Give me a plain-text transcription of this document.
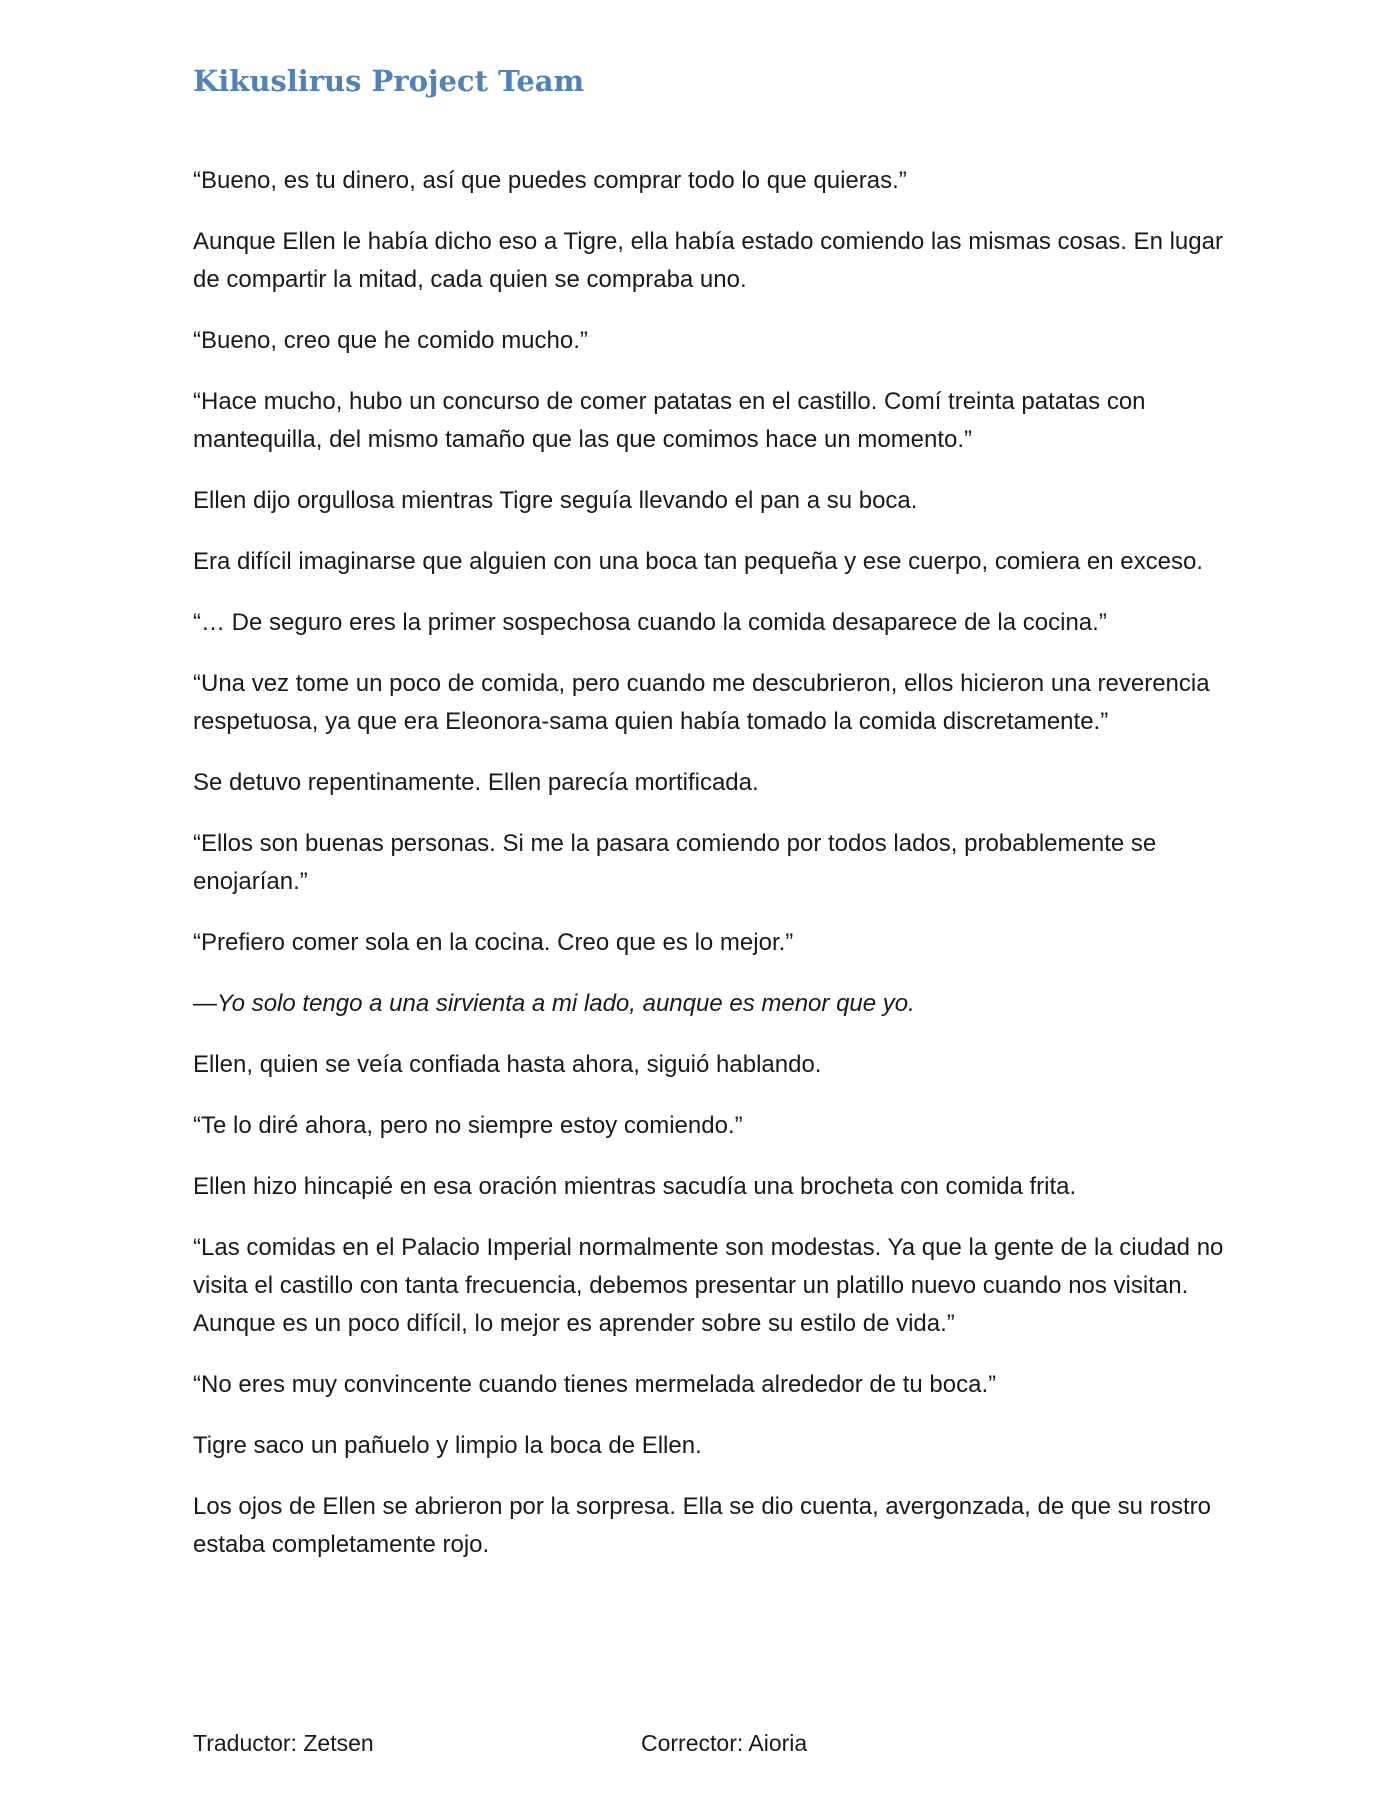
Kikuslirus Project Team

“Bueno, es tu dinero, así que puedes comprar todo lo que quieras.”

Aunque Ellen le había dicho eso a Tigre, ella había estado comiendo las mismas cosas. En lugar de compartir la mitad, cada quien se compraba uno.

“Bueno, creo que he comido mucho.”

“Hace mucho, hubo un concurso de comer patatas en el castillo. Comí treinta patatas con mantequilla, del mismo tamaño que las que comimos hace un momento.”

Ellen dijo orgullosa mientras Tigre seguía llevando el pan a su boca.

Era difícil imaginarse que alguien con una boca tan pequeña y ese cuerpo, comiera en exceso.

“… De seguro eres la primer sospechosa cuando la comida desaparece de la cocina.”

“Una vez tome un poco de comida, pero cuando me descubrieron, ellos hicieron una reverencia respetuosa, ya que era Eleonora-sama quien había tomado la comida discretamente.”

Se detuvo repentinamente. Ellen parecía mortificada.

“Ellos son buenas personas. Si me la pasara comiendo por todos lados, probablemente se enojarían.”

“Prefiero comer sola en la cocina. Creo que es lo mejor.”

—Yo solo tengo a una sirvienta a mi lado, aunque es menor que yo.

Ellen, quien se veía confiada hasta ahora, siguió hablando.

“Te lo diré ahora, pero no siempre estoy comiendo.”

Ellen hizo hincapié en esa oración mientras sacudía una brocheta con comida frita.

“Las comidas en el Palacio Imperial normalmente son modestas. Ya que la gente de la ciudad no visita el castillo con tanta frecuencia, debemos presentar un platillo nuevo cuando nos visitan. Aunque es un poco difícil, lo mejor es aprender sobre su estilo de vida.”

“No eres muy convincente cuando tienes mermelada alrededor de tu boca.”

Tigre saco un pañuelo y limpio la boca de Ellen.

Los ojos de Ellen se abrieron por la sorpresa. Ella se dio cuenta, avergonzada, de que su rostro estaba completamente rojo.

Traductor: Zetsen	Corrector: Aioria
